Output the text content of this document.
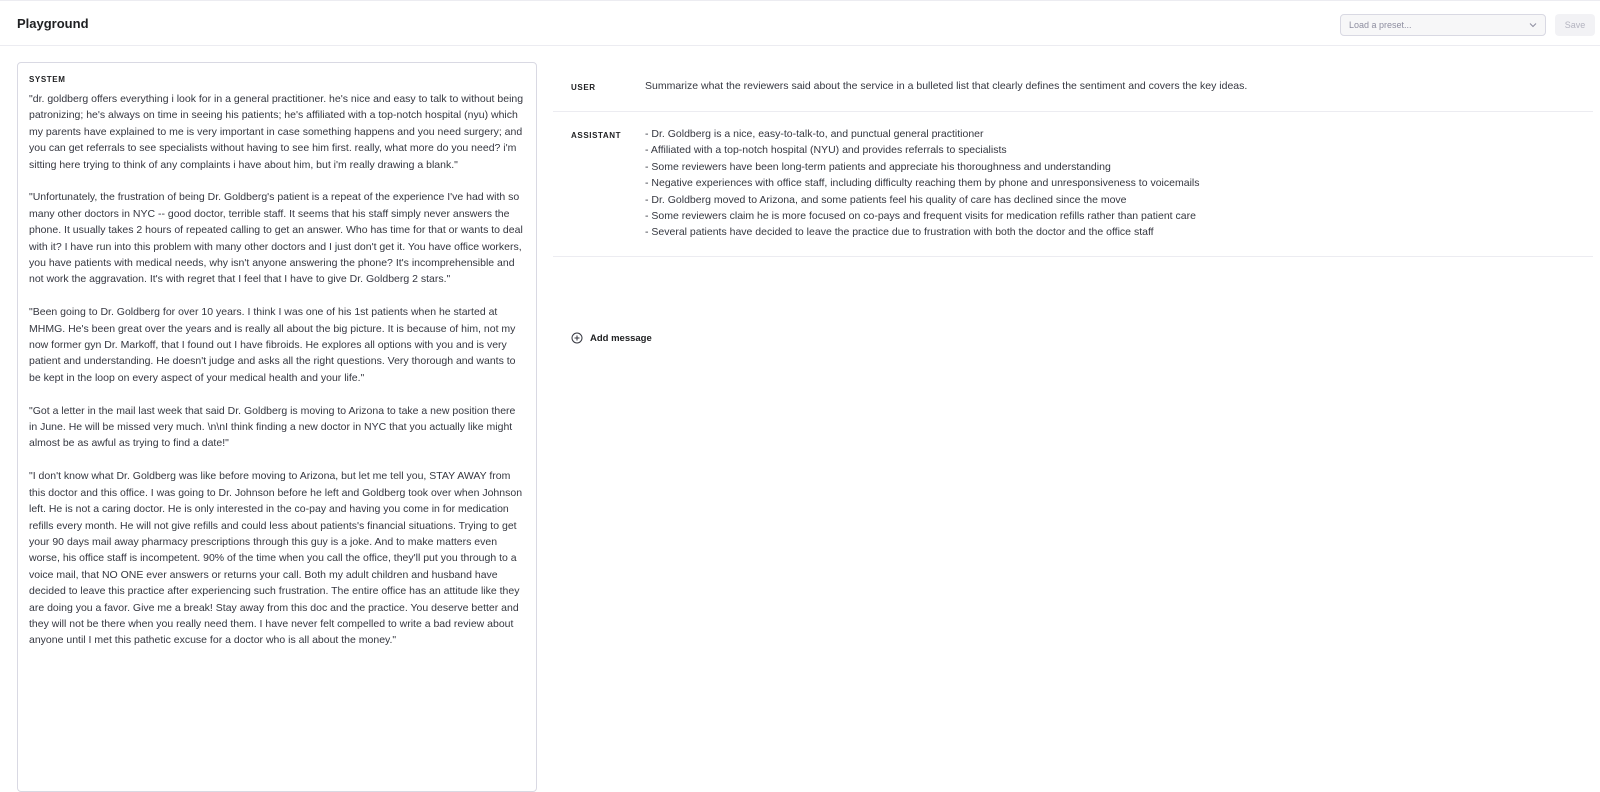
Playground	Load a preset...	Save
SYSTEM

"dr. goldberg offers everything i look for in a general practitioner. he's nice and easy to talk to without being patronizing; he's always on time in seeing his patients; he's affiliated with a top-notch hospital (nyu) which my parents have explained to me is very important in case something happens and you need surgery; and you can get referrals to see specialists without having to see him first. really, what more do you need? i'm sitting here trying to think of any complaints i have about him, but i'm really drawing a blank."

"Unfortunately, the frustration of being Dr. Goldberg's patient is a repeat of the experience I've had with so many other doctors in NYC -- good doctor, terrible staff. It seems that his staff simply never answers the phone. It usually takes 2 hours of repeated calling to get an answer. Who has time for that or wants to deal with it? I have run into this problem with many other doctors and I just don't get it. You have office workers, you have patients with medical needs, why isn't anyone answering the phone? It's incomprehensible and not work the aggravation. It's with regret that I feel that I have to give Dr. Goldberg 2 stars."

"Been going to Dr. Goldberg for over 10 years. I think I was one of his 1st patients when he started at MHMG. He's been great over the years and is really all about the big picture. It is because of him, not my now former gyn Dr. Markoff, that I found out I have fibroids. He explores all options with you and is very patient and understanding. He doesn't judge and asks all the right questions. Very thorough and wants to be kept in the loop on every aspect of your medical health and your life."

"Got a letter in the mail last week that said Dr. Goldberg is moving to Arizona to take a new position there in June. He will be missed very much. \n\nI think finding a new doctor in NYC that you actually like might almost be as awful as trying to find a date!"

"I don't know what Dr. Goldberg was like before moving to Arizona, but let me tell you, STAY AWAY from this doctor and this office. I was going to Dr. Johnson before he left and Goldberg took over when Johnson left. He is not a caring doctor. He is only interested in the co-pay and having you come in for medication refills every month. He will not give refills and could less about patients's financial situations. Trying to get your 90 days mail away pharmacy prescriptions through this guy is a joke. And to make matters even worse, his office staff is incompetent. 90% of the time when you call the office, they'll put you through to a voice mail, that NO ONE ever answers or returns your call. Both my adult children and husband have decided to leave this practice after experiencing such frustration. The entire office has an attitude like they are doing you a favor. Give me a break! Stay away from this doc and the practice. You deserve better and they will not be there when you really need them. I have never felt compelled to write a bad review about anyone until I met this pathetic excuse for a doctor who is all about the money."

USER	Summarize what the reviewers said about the service in a bulleted list that clearly defines the sentiment and covers the key ideas.
ASSISTANT - Dr. Goldberg is a nice, easy-to-talk-to, and punctual general practitioner
- Affiliated with a top-notch hospital (NYU) and provides referrals to specialists
- Some reviewers have been long-term patients and appreciate his thoroughness and understanding
- Negative experiences with office staff, including difficulty reaching them by phone and unresponsiveness to voicemails
- Dr. Goldberg moved to Arizona, and some patients feel his quality of care has declined since the move
- Some reviewers claim he is more focused on co-pays and frequent visits for medication refills rather than patient care
- Several patients have decided to leave the practice due to frustration with both the doctor and the office staff
Add message
